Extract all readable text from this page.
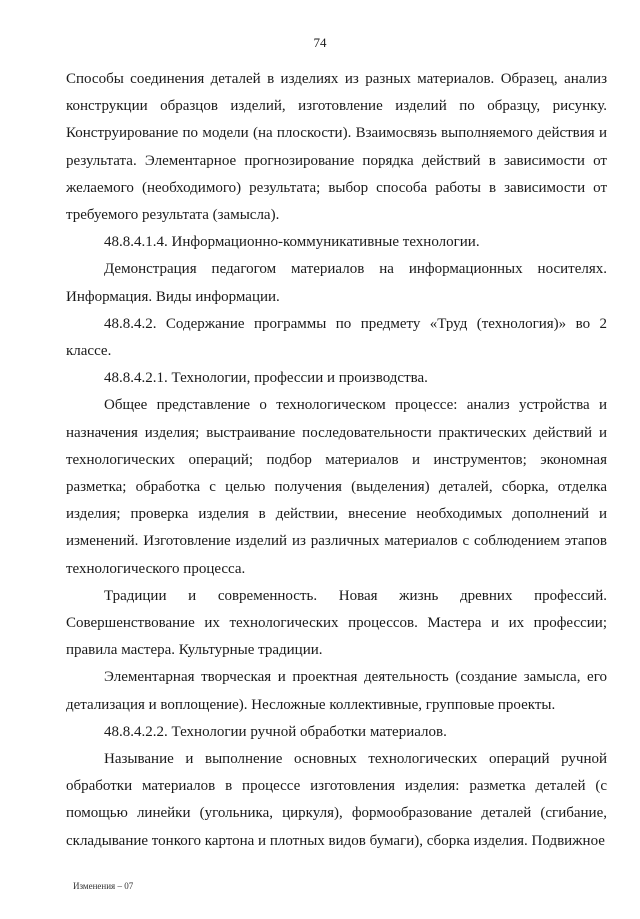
74

Способы соединения деталей в изделиях из разных материалов. Образец, анализ конструкции образцов изделий, изготовление изделий по образцу, рисунку. Конструирование по модели (на плоскости). Взаимосвязь выполняемого действия и результата. Элементарное прогнозирование порядка действий в зависимости от желаемого (необходимого) результата; выбор способа работы в зависимости от требуемого результата (замысла).

48.8.4.1.4. Информационно-коммуникативные технологии.

Демонстрация педагогом материалов на информационных носителях. Информация. Виды информации.

48.8.4.2. Содержание программы по предмету «Труд (технология)» во 2 классе.

48.8.4.2.1. Технологии, профессии и производства.

Общее представление о технологическом процессе: анализ устройства и назначения изделия; выстраивание последовательности практических действий и технологических операций; подбор материалов и инструментов; экономная разметка; обработка с целью получения (выделения) деталей, сборка, отделка изделия; проверка изделия в действии, внесение необходимых дополнений и изменений. Изготовление изделий из различных материалов с соблюдением этапов технологического процесса.

Традиции и современность. Новая жизнь древних профессий. Совершенствование их технологических процессов. Мастера и их профессии; правила мастера. Культурные традиции.

Элементарная творческая и проектная деятельность (создание замысла, его детализация и воплощение). Несложные коллективные, групповые проекты.

48.8.4.2.2. Технологии ручной обработки материалов.

Называние и выполнение основных технологических операций ручной обработки материалов в процессе изготовления изделия: разметка деталей (с помощью линейки (угольника, циркуля), формообразование деталей (сгибание, складывание тонкого картона и плотных видов бумаги), сборка изделия. Подвижное

Изменения – 07
